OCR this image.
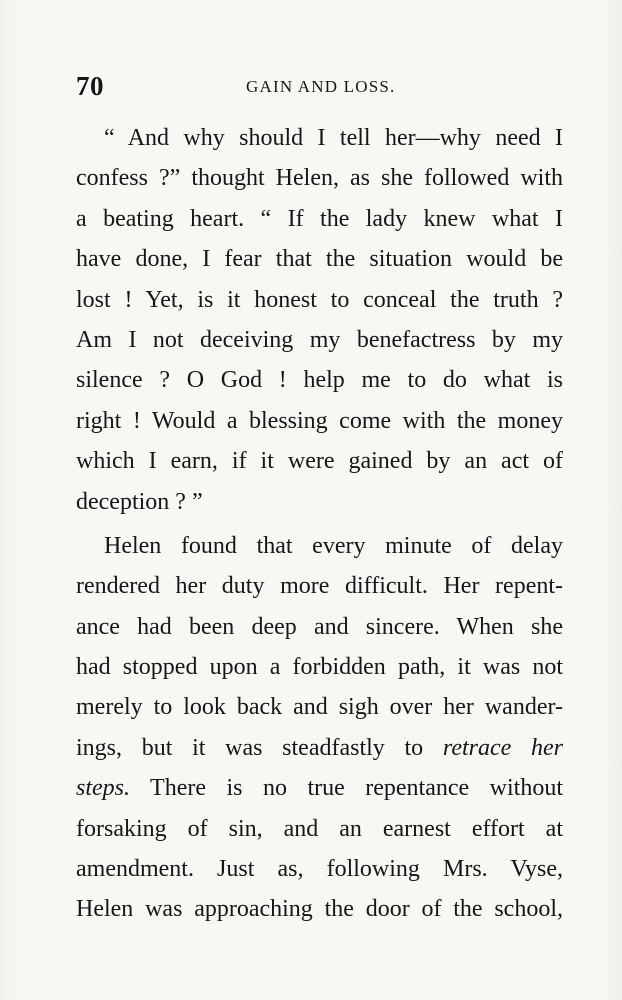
70	GAIN AND LOSS.
“ And why should I tell her—why need I
confess ?” thought Helen, as she followed with
a beating heart. “ If the lady knew what I
have done, I fear that the situation would be
lost ! Yet, is it honest to conceal the truth ?
Am I not deceiving my benefactress by my
silence ? O God ! help me to do what is
right ! Would a blessing come with the money
which I earn, if it were gained by an act of
deception ? ”
Helen found that every minute of delay
rendered her duty more difficult. Her repent-
ance had been deep and sincere. When she
had stopped upon a forbidden path, it was not
merely to look back and sigh over her wander-
ings, but it was steadfastly to retrace her
steps. There is no true repentance without
forsaking of sin, and an earnest effort at
amendment. Just as, following Mrs. Vyse,
Helen was approaching the door of the school,
